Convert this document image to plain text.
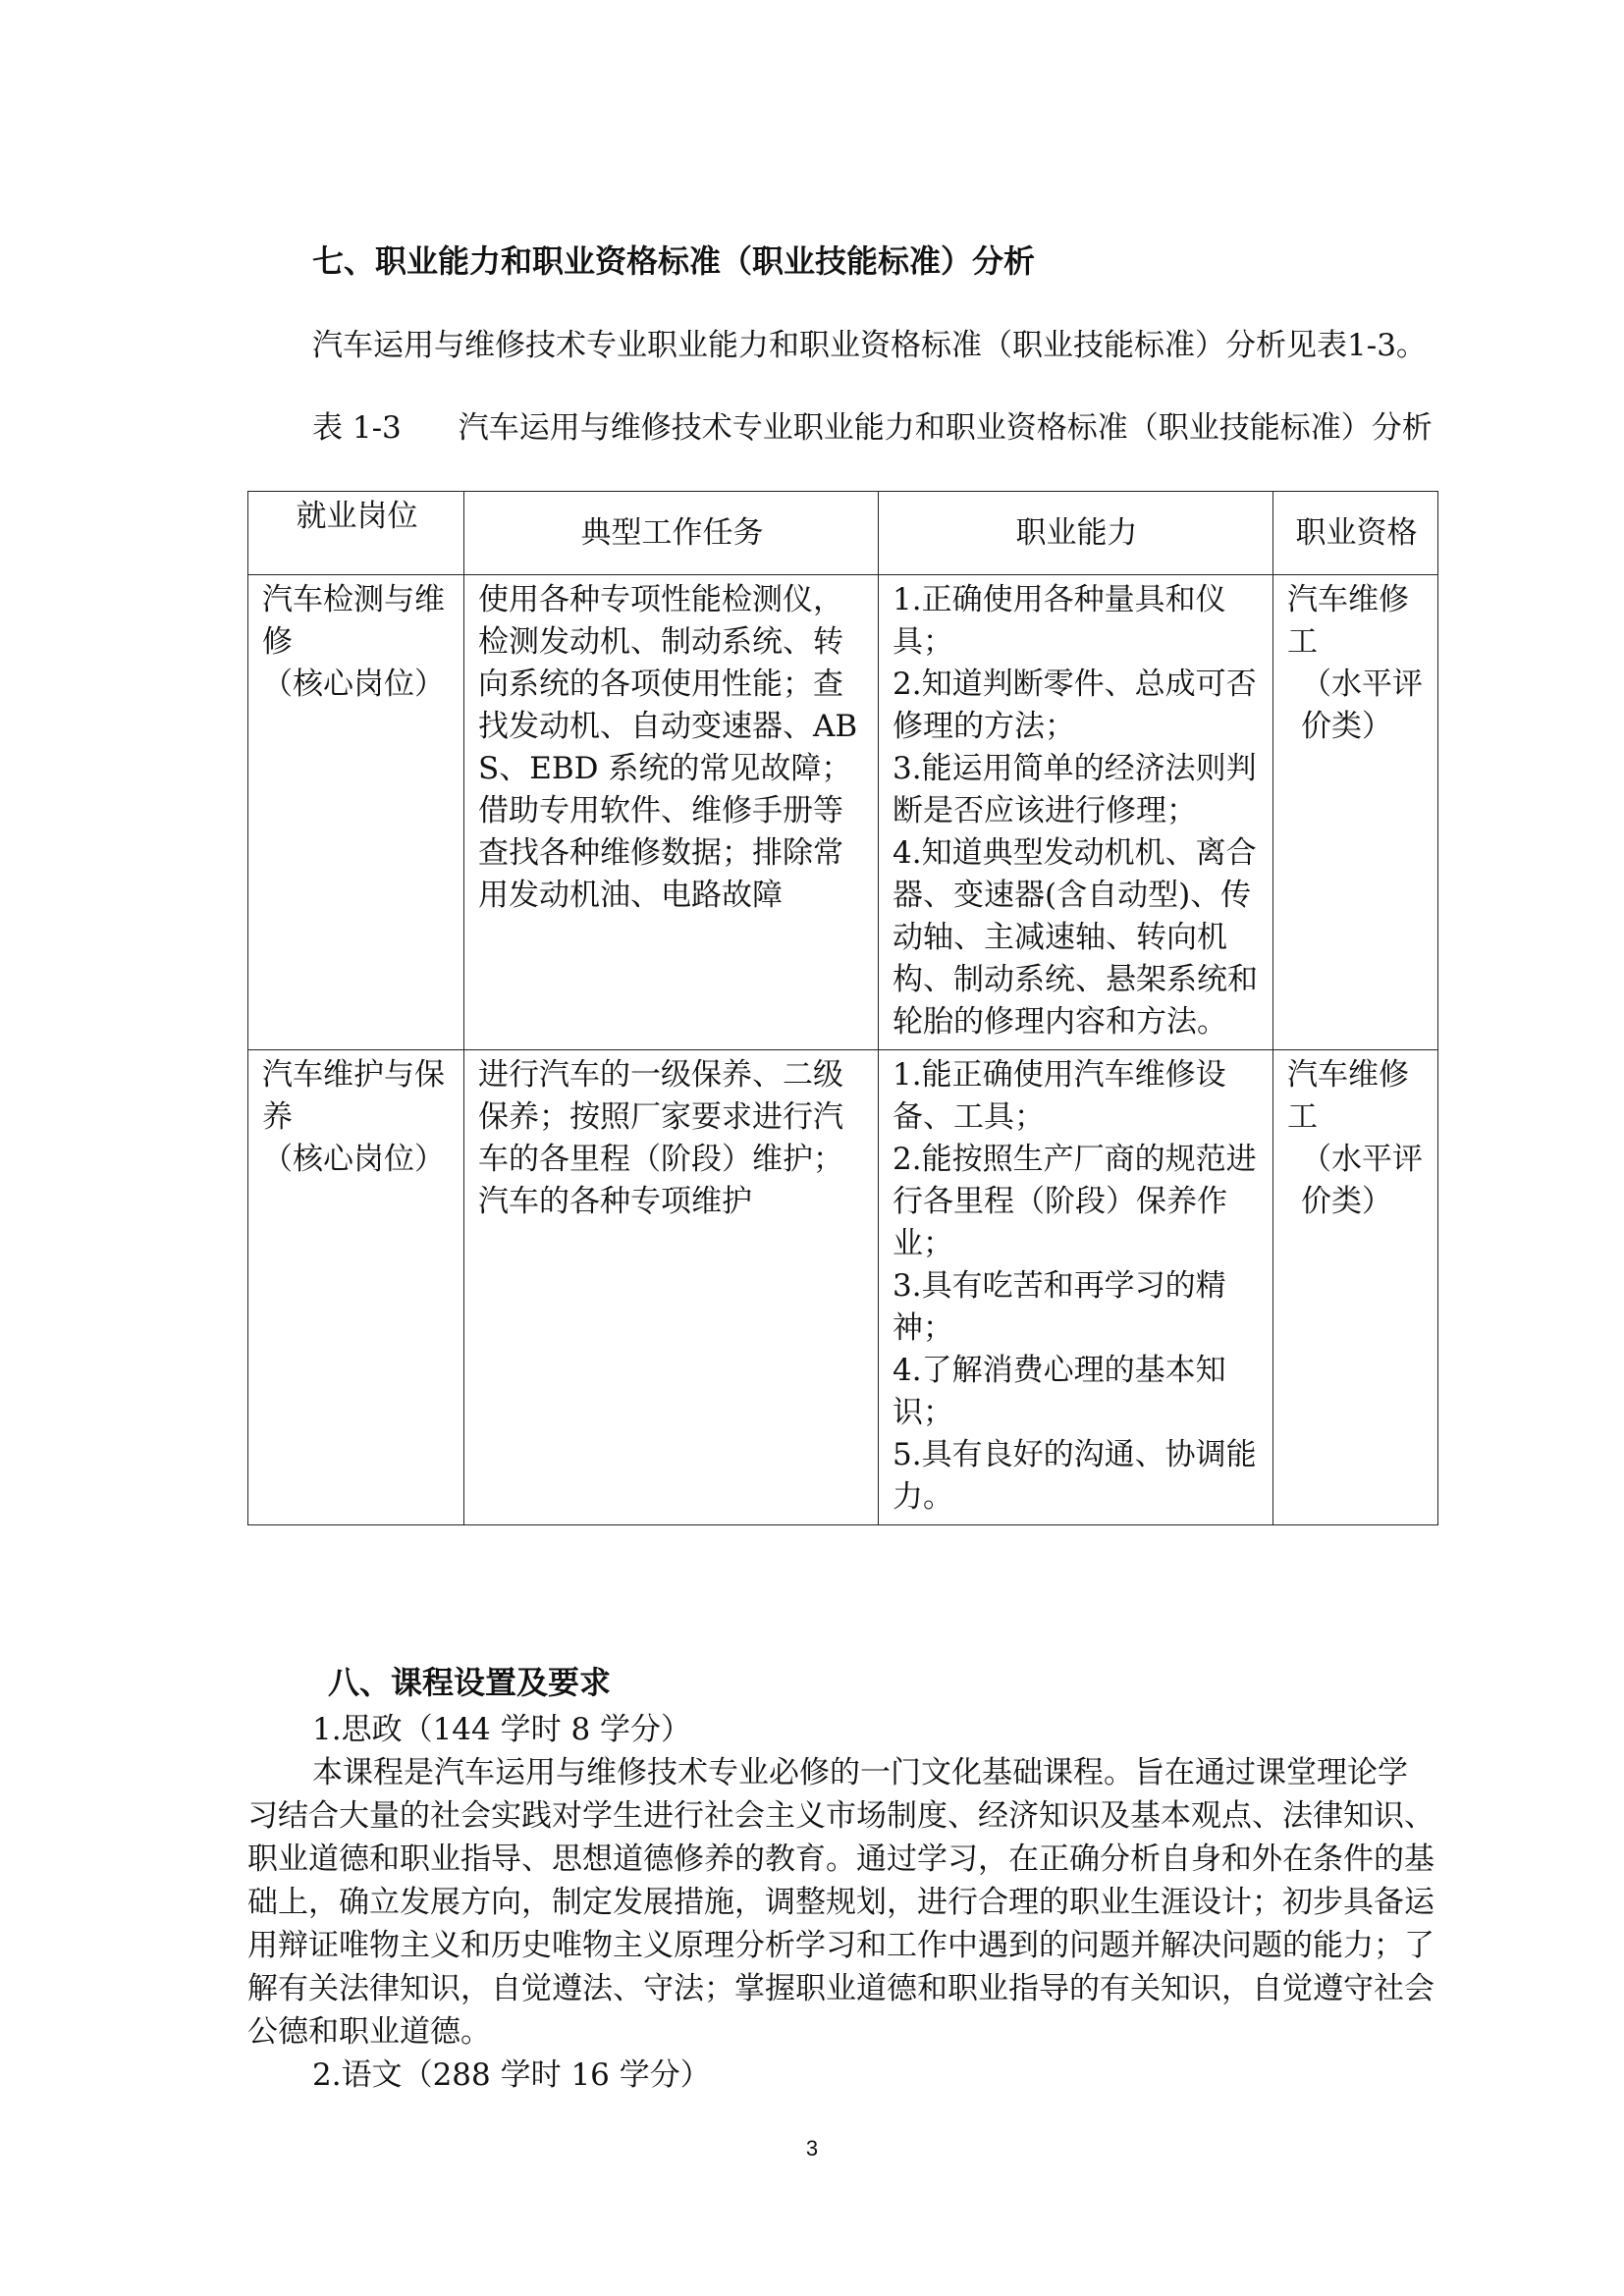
七、职业能力和职业资格标准（职业技能标准）分析

汽车运用与维修技术专业职业能力和职业资格标准（职业技能标准）分析见表1-3。

表 1-3 汽车运用与维修技术专业职业能力和职业资格标准（职业技能标准）分析

就业岗位	典型工作任务	职业能力	职业资格

汽车检测与维修
（核心岗位）	使用各种专项性能检测仪，检测发动机、制动系统、转向系统的各项使用性能；查找发动机、自动变速器、ABS、EBD 系统的常见故障；借助专用软件、维修手册等查找各种维修数据；排除常用发动机油、电路故障	1.正确使用各种量具和仪具；
2.知道判断零件、总成可否修理的方法；
3.能运用简单的经济法则判断是否应该进行修理；
4.知道典型发动机机、离合器、变速器(含自动型)、传动轴、主减速轴、转向机构、制动系统、悬架系统和轮胎的修理内容和方法。	汽车维修工
（水平评价类）

汽车维护与保养
（核心岗位）	进行汽车的一级保养、二级保养；按照厂家要求进行汽车的各里程（阶段）维护；汽车的各种专项维护	1.能正确使用汽车维修设备、工具；
2.能按照生产厂商的规范进行各里程（阶段）保养作业；
3.具有吃苦和再学习的精神；
4.了解消费心理的基本知识；
5.具有良好的沟通、协调能力。	汽车维修工
（水平评价类）
八、课程设置及要求

1.思政（144 学时 8 学分）

本课程是汽车运用与维修技术专业必修的一门文化基础课程。旨在通过课堂理论学习结合大量的社会实践对学生进行社会主义市场制度、经济知识及基本观点、法律知识、职业道德和职业指导、思想道德修养的教育。通过学习，在正确分析自身和外在条件的基础上，确立发展方向，制定发展措施，调整规划，进行合理的职业生涯设计；初步具备运用辩证唯物主义和历史唯物主义原理分析学习和工作中遇到的问题并解决问题的能力；了解有关法律知识，自觉遵法、守法；掌握职业道德和职业指导的有关知识，自觉遵守社会公德和职业道德。

2.语文（288 学时 16 学分）

3
